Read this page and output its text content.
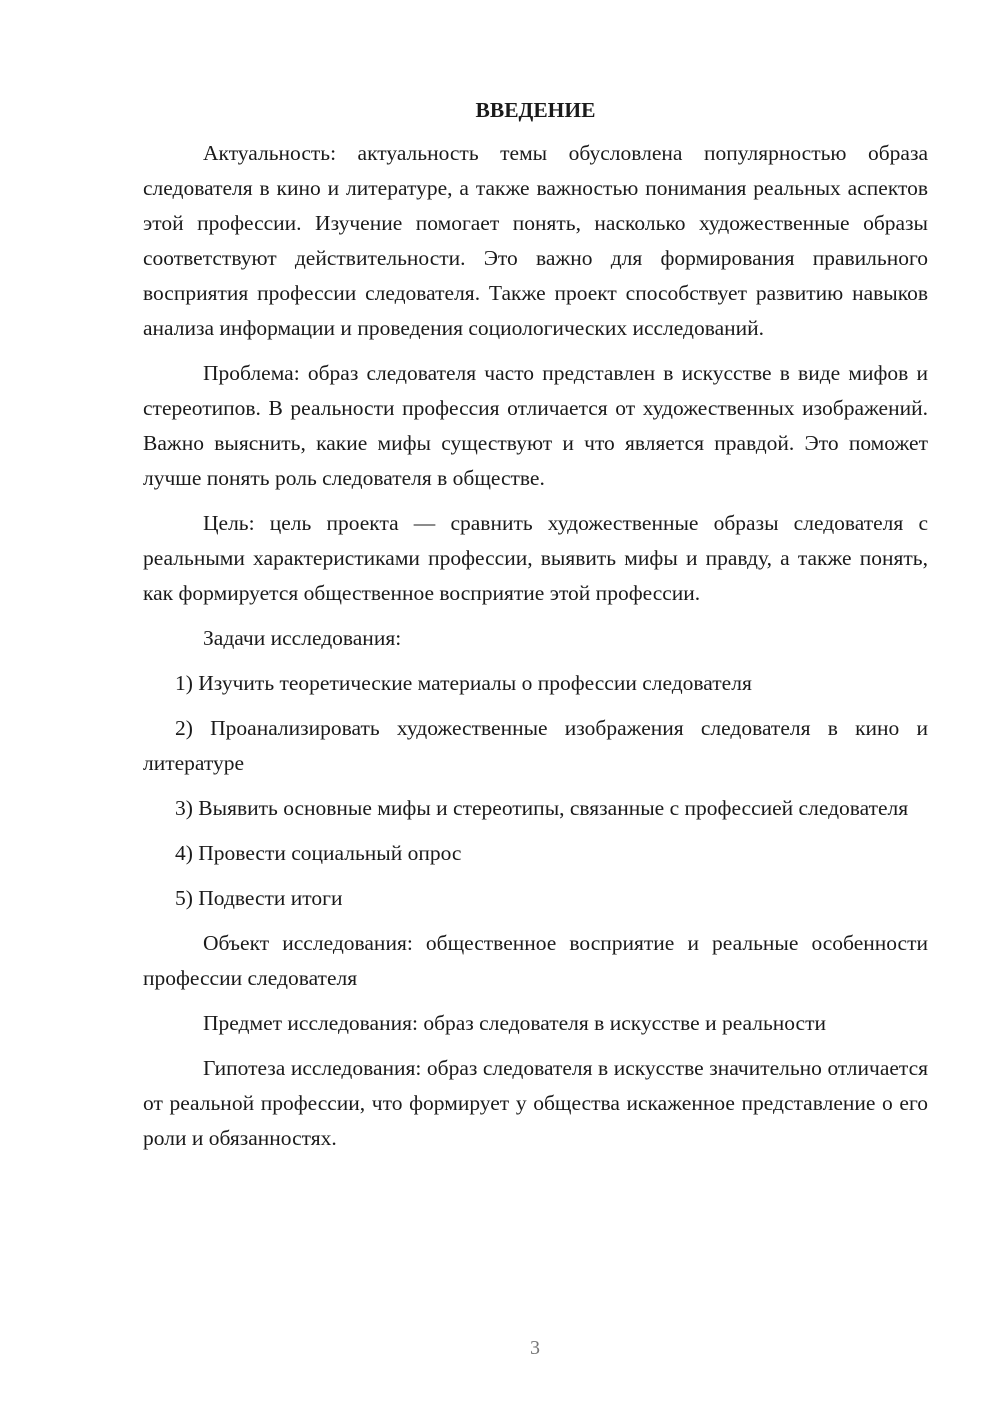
ВВЕДЕНИЕ

Актуальность: актуальность темы обусловлена популярностью образа следователя в кино и литературе, а также важностью понимания реальных аспектов этой профессии. Изучение помогает понять, насколько художественные образы соответствуют действительности. Это важно для формирования правильного восприятия профессии следователя. Также проект способствует развитию навыков анализа информации и проведения социологических исследований.

Проблема: образ следователя часто представлен в искусстве в виде мифов и стереотипов. В реальности профессия отличается от художественных изображений. Важно выяснить, какие мифы существуют и что является правдой. Это поможет лучше понять роль следователя в обществе.

Цель: цель проекта — сравнить художественные образы следователя с реальными характеристиками профессии, выявить мифы и правду, а также понять, как формируется общественное восприятие этой профессии.

Задачи исследования:

1) Изучить теоретические материалы о профессии следователя

2) Проанализировать художественные изображения следователя в кино и литературе

3) Выявить основные мифы и стереотипы, связанные с профессией следователя

4) Провести социальный опрос

5) Подвести итоги

Объект исследования: общественное восприятие и реальные особенности профессии следователя

Предмет исследования: образ следователя в искусстве и реальности

Гипотеза исследования: образ следователя в искусстве значительно отличается от реальной профессии, что формирует у общества искаженное представление о его роли и обязанностях.

3
